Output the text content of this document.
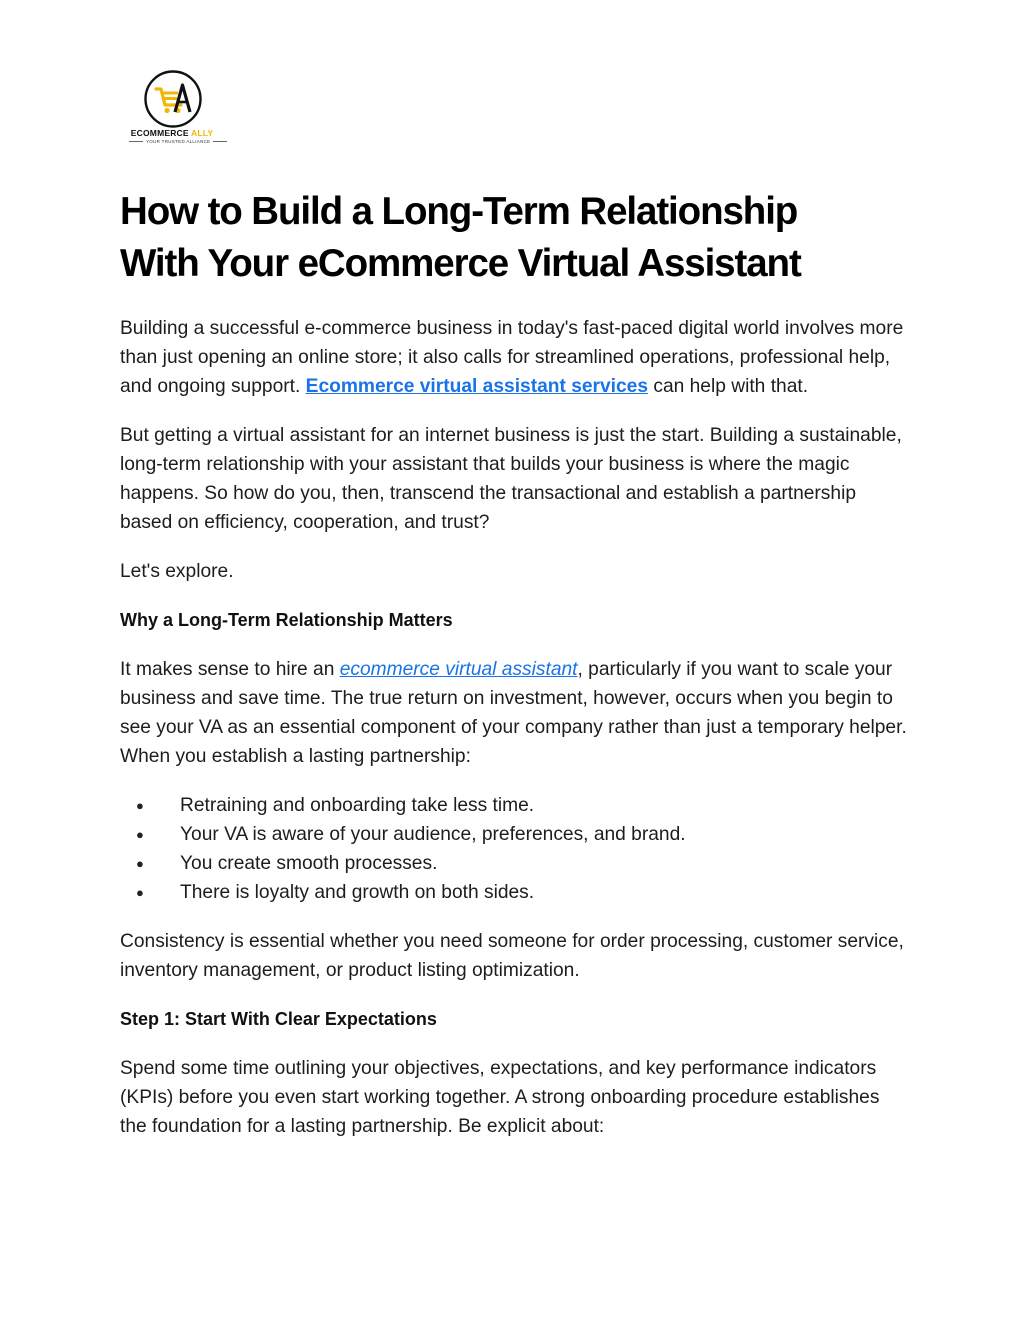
ECOMMERCE ALLY
YOUR TRUSTED ALLIANCE
How to Build a Long-Term Relationship
With Your eCommerce Virtual Assistant

Building a successful e-commerce business in today's fast-paced digital world involves more than just opening an online store; it also calls for streamlined operations, professional help, and ongoing support. Ecommerce virtual assistant services can help with that.

But getting a virtual assistant for an internet business is just the start. Building a sustainable, long-term relationship with your assistant that builds your business is where the magic happens. So how do you, then, transcend the transactional and establish a partnership based on efficiency, cooperation, and trust?

Let's explore.

Why a Long-Term Relationship Matters

It makes sense to hire an ecommerce virtual assistant, particularly if you want to scale your business and save time. The true return on investment, however, occurs when you begin to see your VA as an essential component of your company rather than just a temporary helper. When you establish a lasting partnership:

● Retraining and onboarding take less time.
● Your VA is aware of your audience, preferences, and brand.
● You create smooth processes.
● There is loyalty and growth on both sides.

Consistency is essential whether you need someone for order processing, customer service, inventory management, or product listing optimization.

Step 1: Start With Clear Expectations

Spend some time outlining your objectives, expectations, and key performance indicators (KPIs) before you even start working together. A strong onboarding procedure establishes the foundation for a lasting partnership. Be explicit about:
